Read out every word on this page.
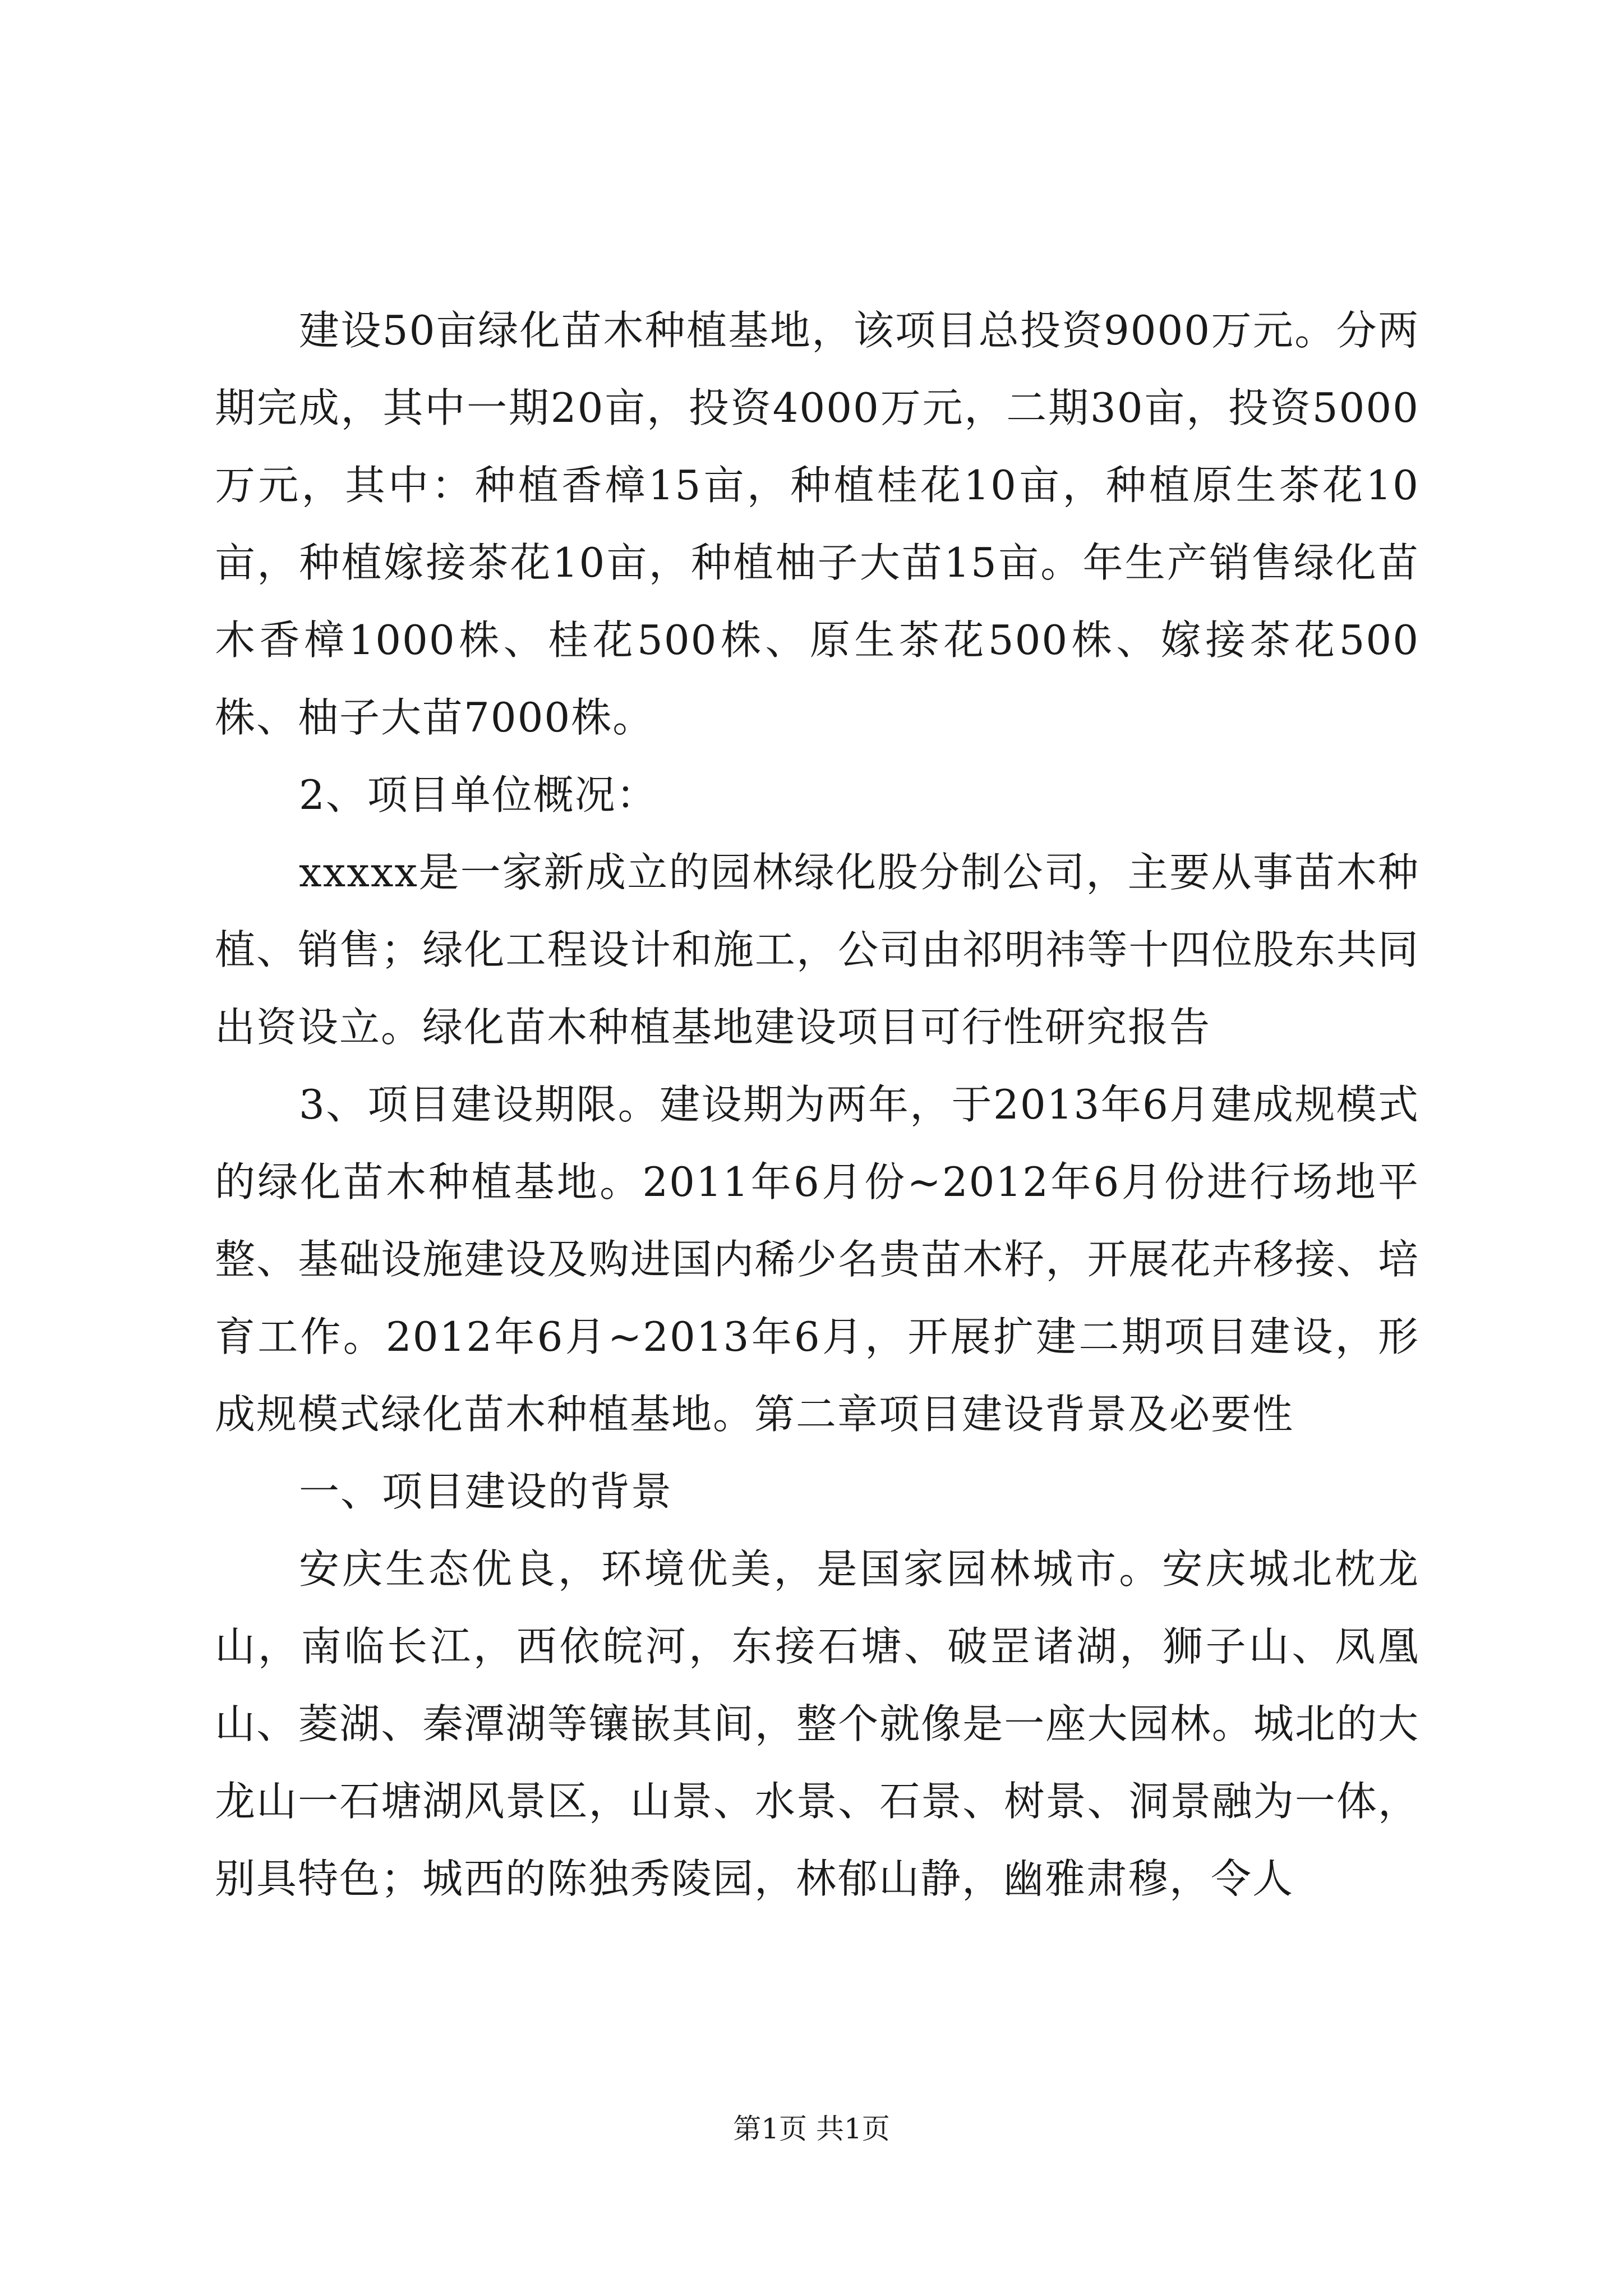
建设50亩绿化苗木种植基地，该项目总投资9000万元。分两期完成，其中一期20亩，投资4000万元，二期30亩，投资5000万元，其中：种植香樟15亩，种植桂花10亩，种植原生茶花10亩，种植嫁接茶花10亩，种植柚子大苗15亩。年生产销售绿化苗木香樟1000株、桂花500株、原生茶花500株、嫁接茶花500株、柚子大苗7000株。

2、项目单位概况：

xxxxx是一家新成立的园林绿化股分制公司，主要从事苗木种植、销售；绿化工程设计和施工，公司由祁明祎等十四位股东共同出资设立。绿化苗木种植基地建设项目可行性研究报告

3、项目建设期限。建设期为两年，于2013年6月建成规模式的绿化苗木种植基地。2011年6月份~2012年6月份进行场地平整、基础设施建设及购进国内稀少名贵苗木籽，开展花卉移接、培育工作。2012年6月~2013年6月，开展扩建二期项目建设，形成规模式绿化苗木种植基地。第二章项目建设背景及必要性

一、项目建设的背景

安庆生态优良，环境优美，是国家园林城市。安庆城北枕龙山，南临长江，西依皖河，东接石塘、破罡诸湖，狮子山、凤凰山、菱湖、秦潭湖等镶嵌其间，整个就像是一座大园林。城北的大龙山一石塘湖风景区，山景、水景、石景、树景、洞景融为一体，别具特色；城西的陈独秀陵园，林郁山静，幽雅肃穆，令人

第1页 共1页
